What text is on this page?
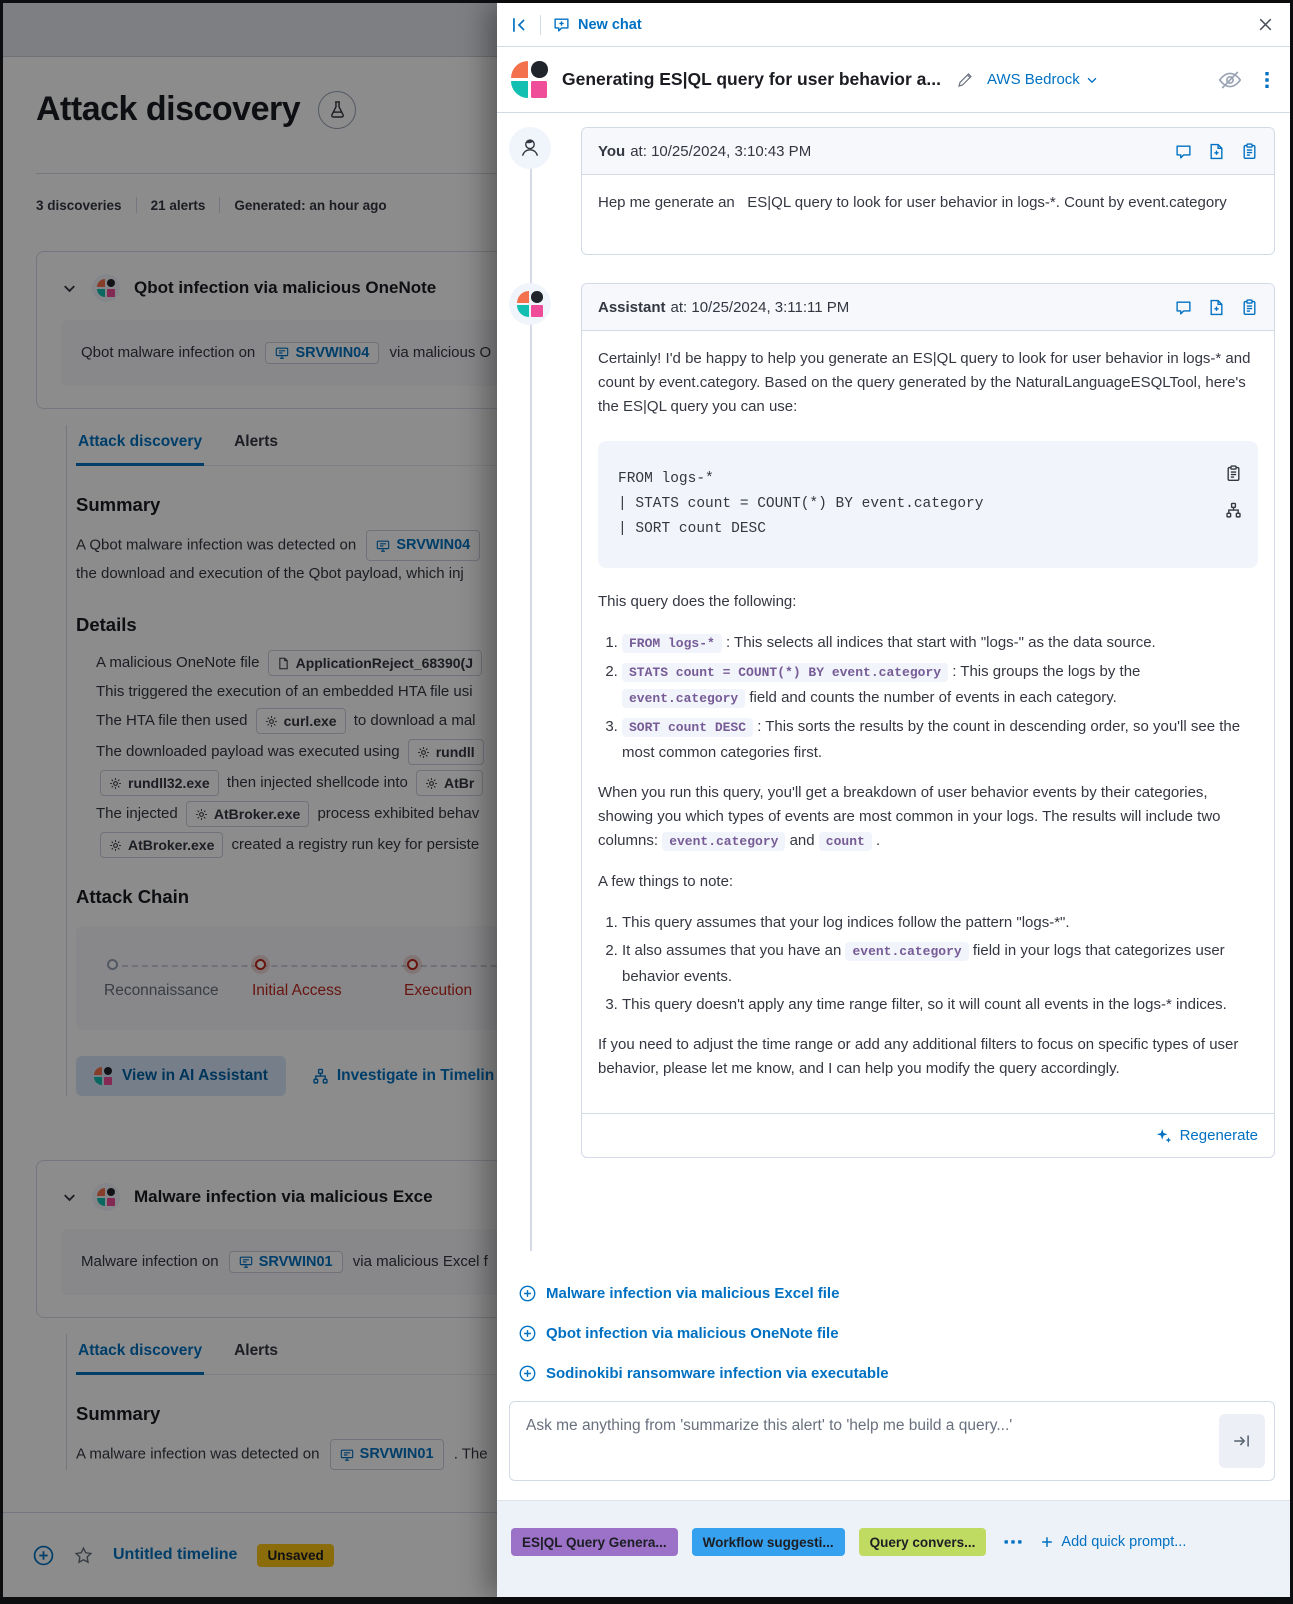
Attack discovery
3 discoveries 21 alerts Generated: an hour ago
Qbot infection via malicious OneNote
Qbot malware infection on	SRVWIN04 via malicious O
Attack discovery Alerts
Summary
A Qbot malware infection was detected on	SRVWIN04
the download and execution of the Qbot payload, which inj
Details
• A malicious OneNote file ApplicationReject_68390(J
• This triggered the execution of an embedded HTA file usi
• The HTA file then used curl.exe to download a mal
• The downloaded payload was executed using rundll
• rundll32.exe then injected shellcode into AtBr
• The injected AtBroker.exe process exhibited behav
• AtBroker.exe created a registry run key for persiste
Attack Chain
Reconnaissance Initial Access	Execution
View in AI Assistant	Investigate in Timelin
Malware infection via malicious Exce
Malware infection on	SRVWIN01 via malicious Excel f
Attack discovery Alerts
Summary
A malware infection was detected on	SRVWIN01 . The
Untitled timeline	Unsaved
New chat
Generating ES|QL query for user behavior a...	AWS Bedrock
You at: 10/25/2024, 3:10:43 PM
Hep me generate an   ES|QL query to look for user behavior in logs-*. Count by event.category
Assistant at: 10/25/2024, 3:11:11 PM

Certainly! I'd be happy to help you generate an ES|QL query to look for user behavior in logs-* and count by event.category. Based on the query generated by the NaturalLanguageESQLTool, here's the ES|QL query you can use:

FROM logs-*
| STATS count = COUNT(*) BY event.category
| SORT count DESC

This query does the following:

1. FROM logs-* : This selects all indices that start with "logs-" as the data source.
2. STATS count = COUNT(*) BY event.category : This groups the logs by the event.category field and counts the number of events in each category.
3. SORT count DESC : This sorts the results by the count in descending order, so you'll see the most common categories first.

When you run this query, you'll get a breakdown of user behavior events by their categories, showing you which types of events are most common in your logs. The results will include two columns: event.category and count .

A few things to note:

1. This query assumes that your log indices follow the pattern "logs-*".
2. It also assumes that you have an event.category field in your logs that categorizes user behavior events.
3. This query doesn't apply any time range filter, so it will count all events in the logs-* indices.

If you need to adjust the time range or add any additional filters to focus on specific types of user behavior, please let me know, and I can help you modify the query accordingly.

Regenerate
Malware infection via malicious Excel file
Qbot infection via malicious OneNote file
Sodinokibi ransomware infection via executable
Ask me anything from 'summarize this alert' to 'help me build a query...'
ES|QL Query Genera...	Workflow suggesti...	Query convers...	Add quick prompt...
